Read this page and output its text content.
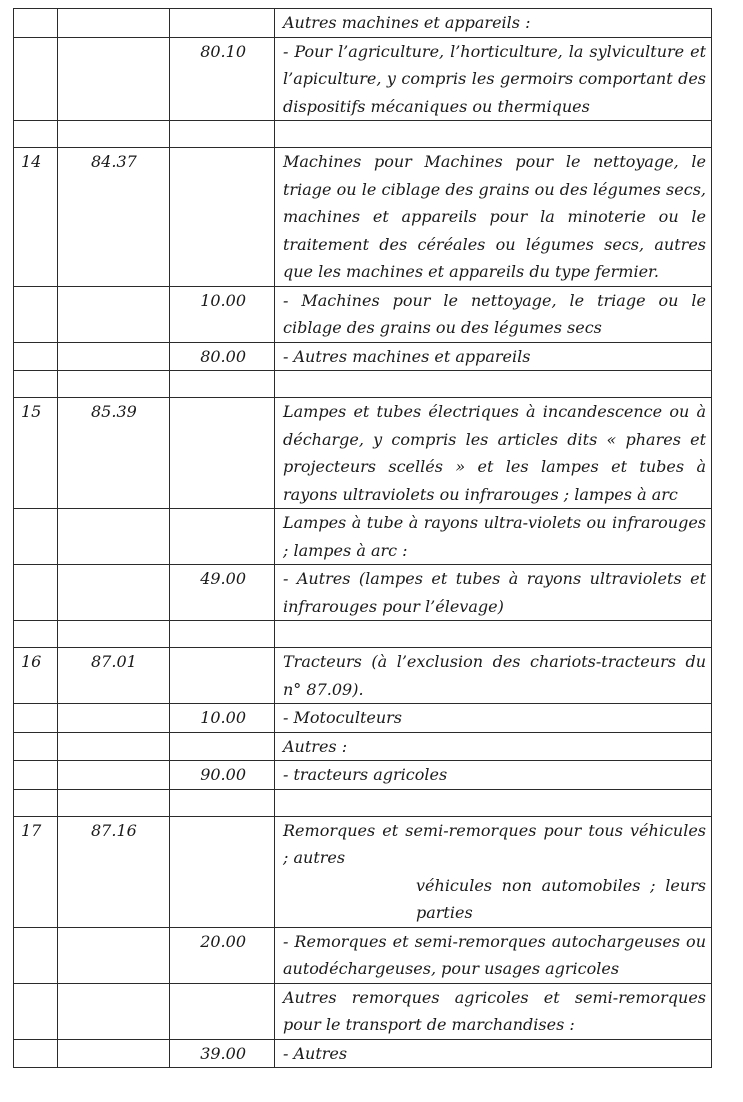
			Autres machines et appareils :
		80.10	- Pour l’agriculture, l’horticulture, la sylviculture et l’apiculture, y compris les germoirs comportant des dispositifs mécaniques ou thermiques

14	84.37		Machines pour Machines pour le nettoyage, le triage ou le ciblage des grains ou des légumes secs, machines et appareils pour la minoterie ou le traitement des céréales ou légumes secs, autres que les machines et appareils du type fermier.
		10.00	- Machines pour le nettoyage, le triage ou le ciblage des grains ou des légumes secs
		80.00	- Autres machines et appareils

15	85.39		Lampes et tubes électriques à incandescence ou à décharge, y compris les articles dits « phares et projecteurs scellés » et les lampes et tubes à rayons ultraviolets ou infrarouges ; lampes à arc
			Lampes à tube à rayons ultra-violets ou infrarouges ; lampes à arc :
		49.00	- Autres (lampes et tubes à rayons ultraviolets et infrarouges pour l’élevage)

16	87.01		Tracteurs (à l’exclusion des chariots-tracteurs du n° 87.09).
		10.00	- Motoculteurs
			Autres :
		90.00	- tracteurs agricoles

17	87.16		Remorques et semi-remorques pour tous véhicules ; autres
véhicules non automobiles ; leurs parties

		20.00	- Remorques et semi-remorques autochargeuses ou autodéchargeuses, pour usages agricoles
			Autres remorques agricoles et semi-remorques pour le transport de marchandises :
		39.00	- Autres
